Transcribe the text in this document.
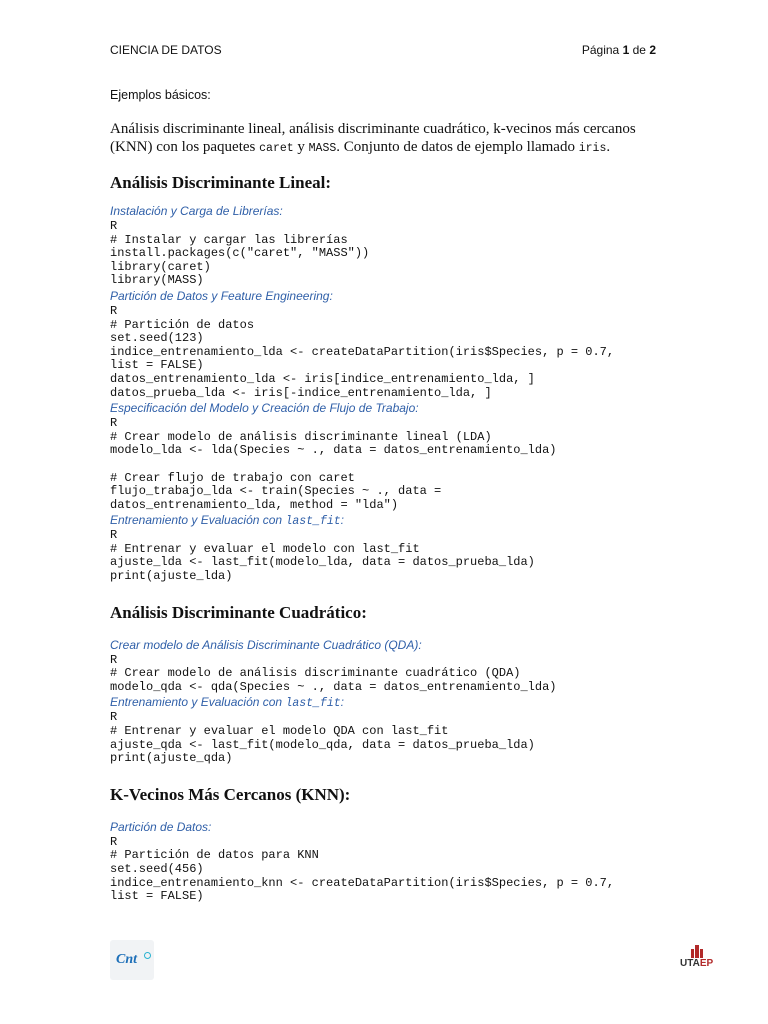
CIENCIA DE DATOS	Página 1 de 2
Ejemplos básicos:

Análisis discriminante lineal, análisis discriminante cuadrático, k-vecinos más cercanos (KNN) con los paquetes caret y MASS. Conjunto de datos de ejemplo llamado iris.

Análisis Discriminante Lineal:

Instalación y Carga de Librerías:

R
# Instalar y cargar las librerías
install.packages(c("caret", "MASS"))
library(caret)
library(MASS)

Partición de Datos y Feature Engineering:

R
# Partición de datos
set.seed(123)
indice_entrenamiento_lda <- createDataPartition(iris$Species, p = 0.7,
list = FALSE)
datos_entrenamiento_lda <- iris[indice_entrenamiento_lda, ]
datos_prueba_lda <- iris[-indice_entrenamiento_lda, ]

Especificación del Modelo y Creación de Flujo de Trabajo:

R
# Crear modelo de análisis discriminante lineal (LDA)
modelo_lda <- lda(Species ~ ., data = datos_entrenamiento_lda)

# Crear flujo de trabajo con caret
flujo_trabajo_lda <- train(Species ~ ., data =
datos_entrenamiento_lda, method = "lda")

Entrenamiento y Evaluación con last_fit:

R
# Entrenar y evaluar el modelo con last_fit
ajuste_lda <- last_fit(modelo_lda, data = datos_prueba_lda)
print(ajuste_lda)
Análisis Discriminante Cuadrático:

Crear modelo de Análisis Discriminante Cuadrático (QDA):

R
# Crear modelo de análisis discriminante cuadrático (QDA)
modelo_qda <- qda(Species ~ ., data = datos_entrenamiento_lda)

Entrenamiento y Evaluación con last_fit:

R
# Entrenar y evaluar el modelo QDA con last_fit
ajuste_qda <- last_fit(modelo_qda, data = datos_prueba_lda)
print(ajuste_qda)
K-Vecinos Más Cercanos (KNN):

Partición de Datos:

R
# Partición de datos para KNN
set.seed(456)
indice_entrenamiento_knn <- createDataPartition(iris$Species, p = 0.7,
list = FALSE)
Cnt	UTAEP
